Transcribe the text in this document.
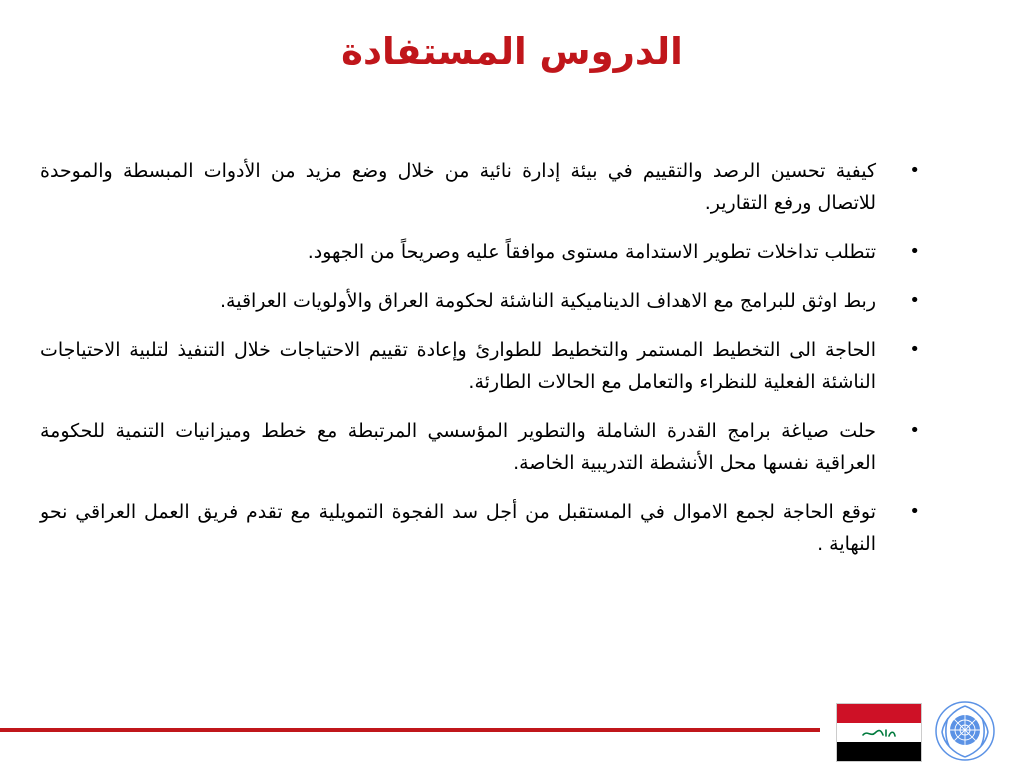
الدروس المستفادة
•
كيفية تحسين الرصد والتقييم في بيئة إدارة نائية من خلال وضع مزيد من الأدوات المبسطة والموحدة للاتصال ورفع التقارير.
•
تتطلب تداخلات تطوير الاستدامة مستوى موافقاً عليه وصريحاً من الجهود.
•
ربط اوثق للبرامج مع الاهداف الديناميكية الناشئة لحكومة العراق والأولويات العراقية.
•
الحاجة الى التخطيط المستمر والتخطيط للطوارئ وإعادة تقييم الاحتياجات خلال التنفيذ لتلبية الاحتياجات الناشئة الفعلية للنظراء والتعامل مع الحالات الطارئة.
•
حلت صياغة برامج القدرة الشاملة والتطوير المؤسسي المرتبطة مع خطط وميزانيات التنمية للحكومة العراقية نفسها محل الأنشطة التدريبية الخاصة.
•
توقع الحاجة لجمع الاموال في المستقبل من أجل سد الفجوة التمويلية مع تقدم فريق العمل العراقي نحو النهاية .
